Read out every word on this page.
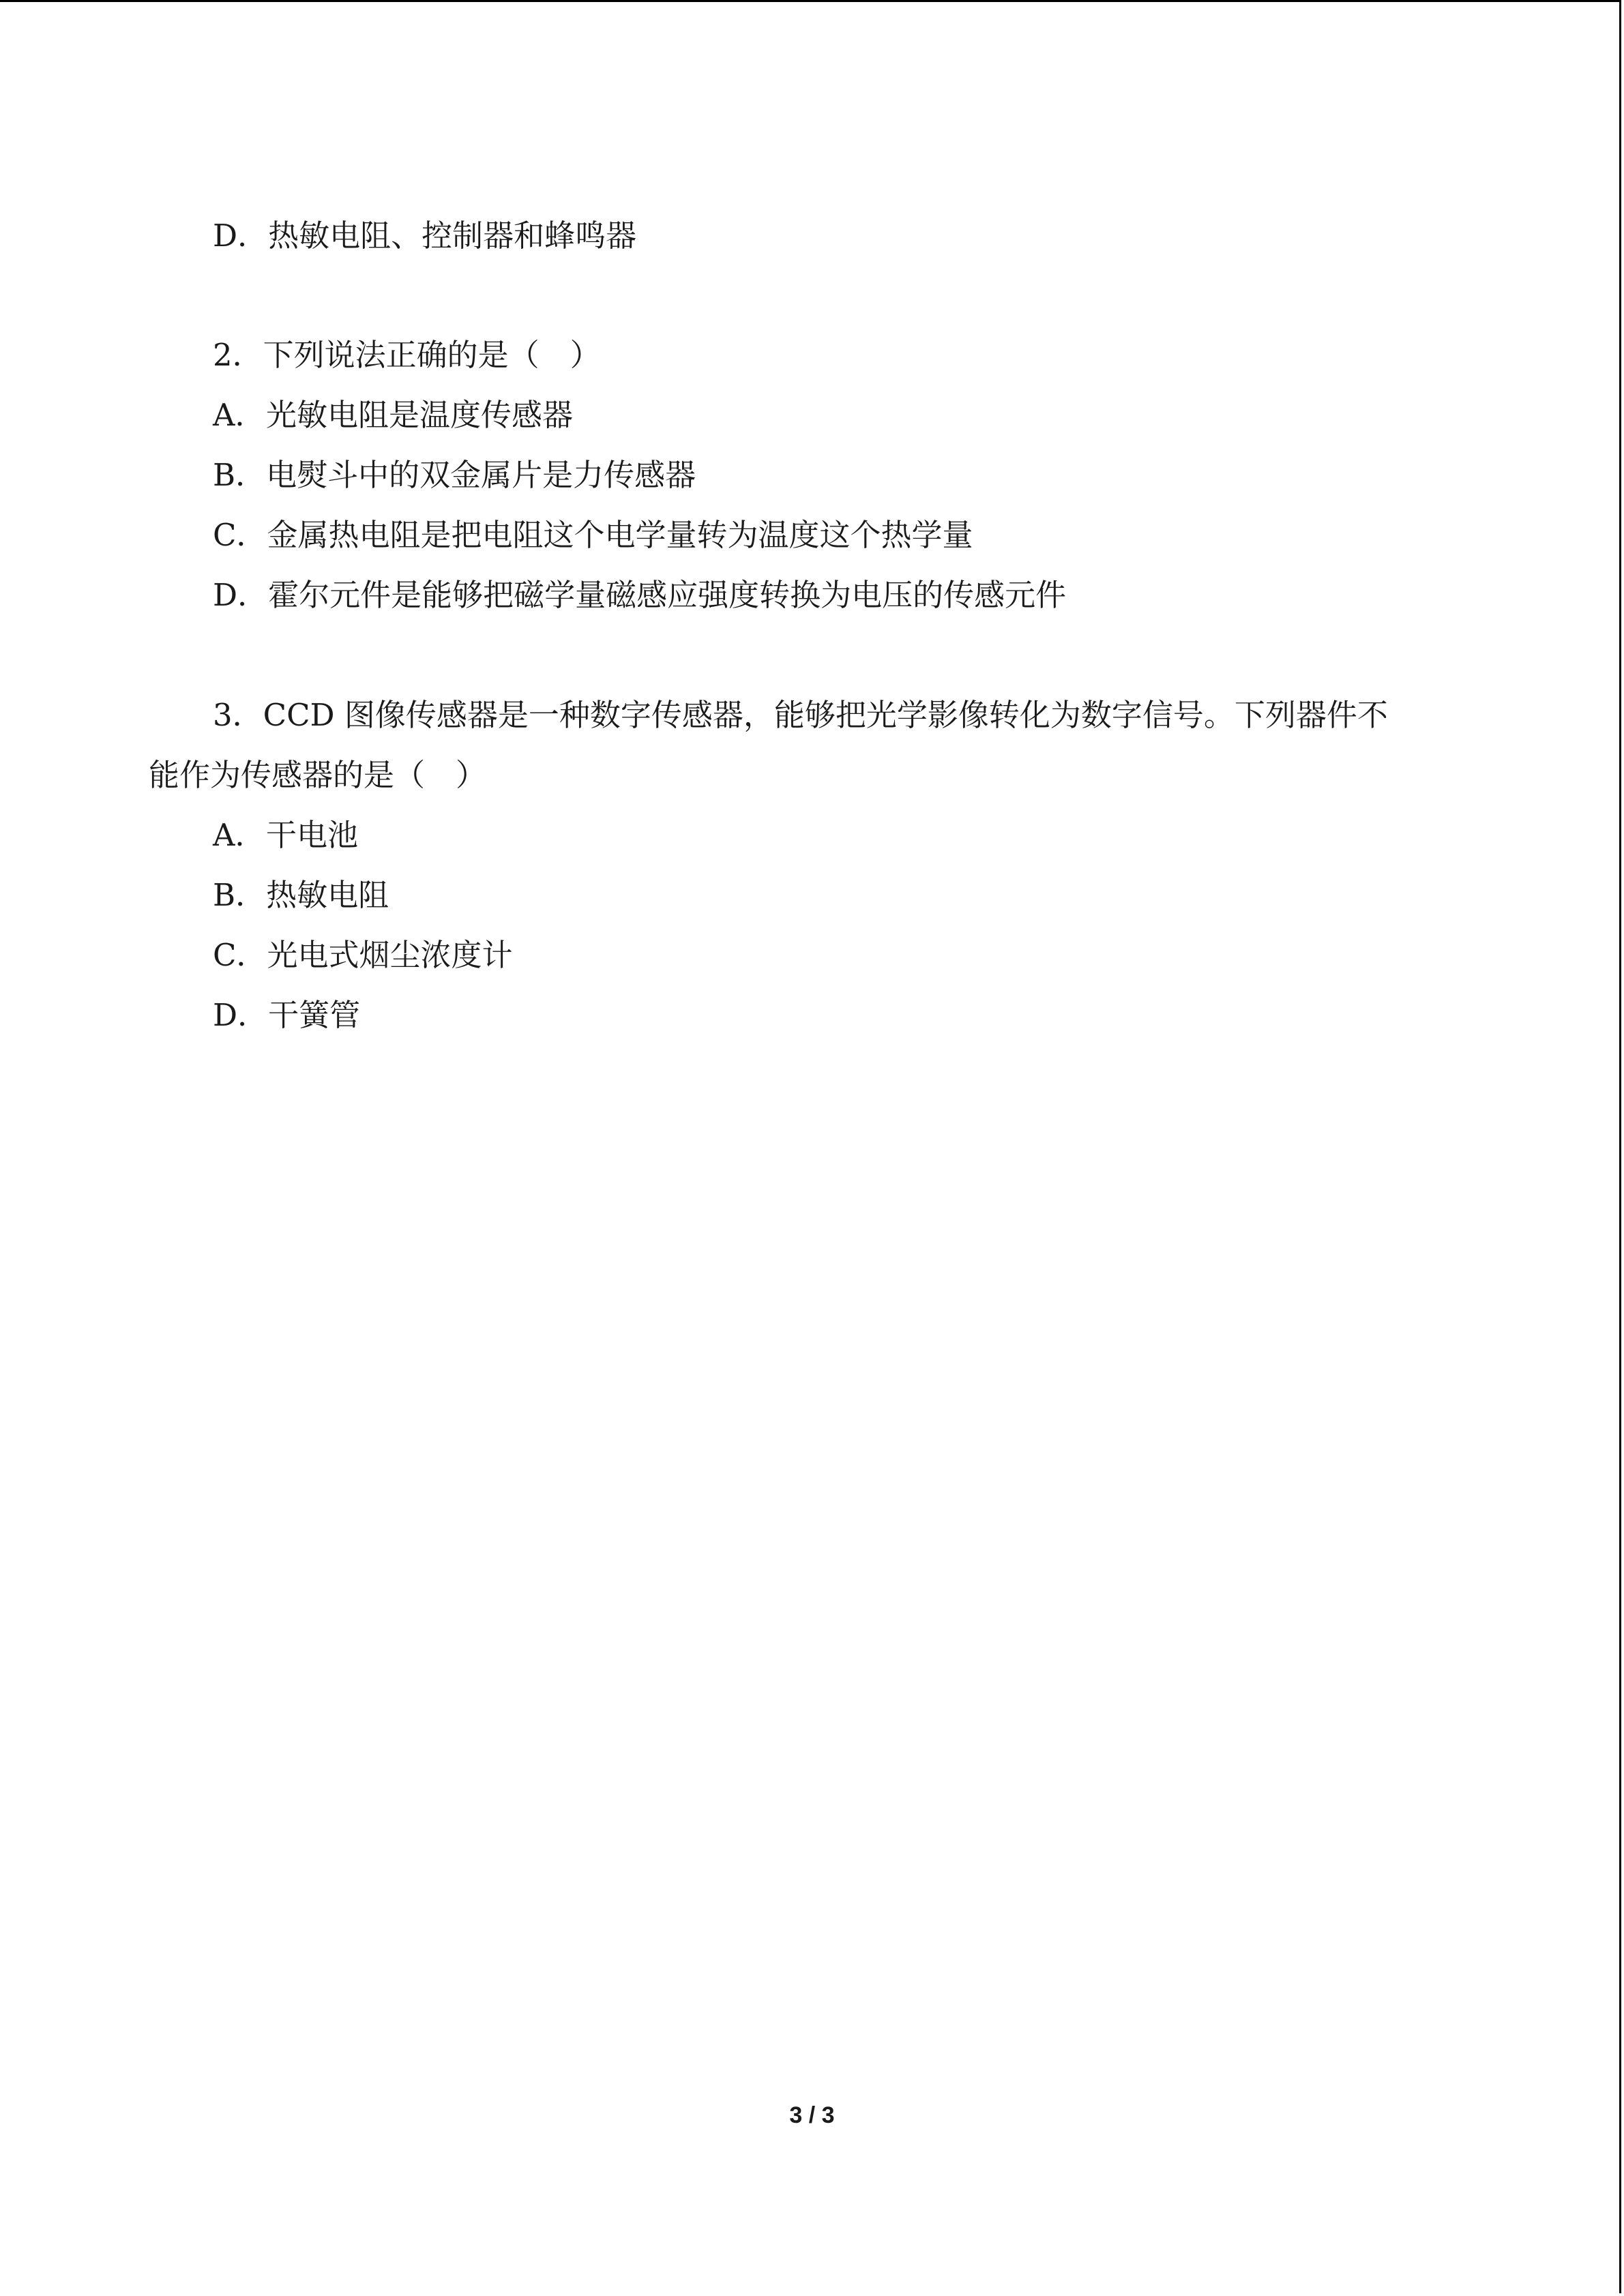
D．热敏电阻、控制器和蜂鸣器
2．下列说法正确的是（　）
A．光敏电阻是温度传感器
B．电熨斗中的双金属片是力传感器
C．金属热电阻是把电阻这个电学量转为温度这个热学量
D．霍尔元件是能够把磁学量磁感应强度转换为电压的传感元件
3．CCD 图像传感器是一种数字传感器，能够把光学影像转化为数字信号。下列器件不
能作为传感器的是（　）
A．干电池
B．热敏电阻
C．光电式烟尘浓度计
D．干簧管
3 / 3
